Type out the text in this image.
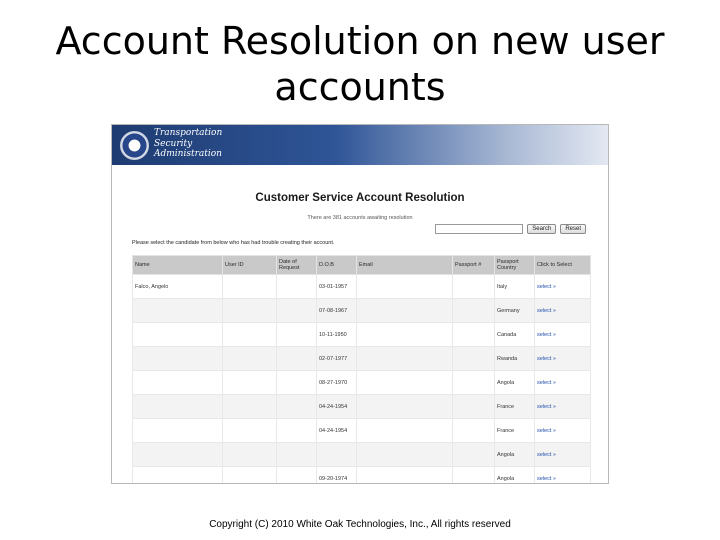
Account Resolution on new user
accounts
Transportation
Security
Administration
Customer Service Account Resolution
There are 381 accounts awaiting resolution
Search	Reset
Please select the candidate from below who has had trouble creating their account.
Name	User ID	Date of Request	D.O.B	Email	Passport #	Passport Country	Click to Select
Falco, Angelo			03-01-1957			Italy	select »
			07-08-1967			Germany	select »
			10-11-1950			Canada	select »
			02-07-1977			Rwanda	select »
			08-27-1970			Angola	select »
			04-24-1954			France	select »
			04-24-1954			France	select »
						Angola	select »
			09-20-1974			Angola	select »

Copyright (C) 2010 White Oak Technologies, Inc., All rights reserved
